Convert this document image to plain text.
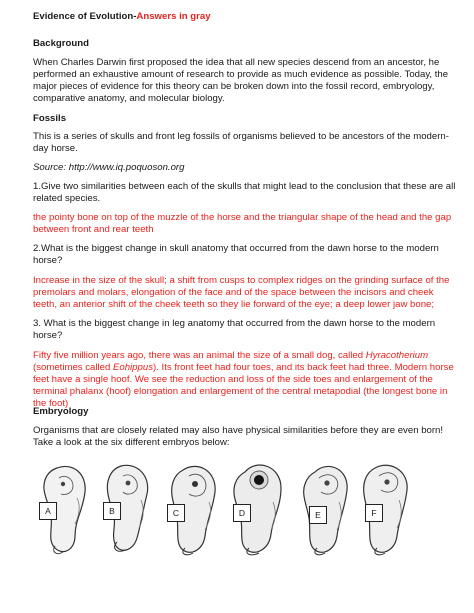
Evidence of Evolution-Answers in gray
Background
When Charles Darwin first proposed the idea that all new species descend from an ancestor, he
performed an exhaustive amount of research to provide as much evidence as possible. Today, the
major pieces of evidence for this theory can be broken down into the fossil record, embryology,
comparative anatomy, and molecular biology.
Fossils
This is a series of skulls and front leg fossils of organisms believed to be ancestors of the modern-
day horse.
Source: http://www.iq.poquoson.org
1.Give two similarities between each of the skulls that might lead to the conclusion that these are all
related species.
the pointy bone on top of the muzzle of the horse and the triangular shape of the head and the gap
between front and rear teeth
2.What is the biggest change in skull anatomy that occurred from the dawn horse to the modern
horse?
Increase in the size of the skull; a shift from cusps to complex ridges on the grinding surface of the
premolars and molars, elongation of the face and of the space between the incisors and cheek
teeth, an anterior shift of the cheek teeth so they lie forward of the eye; a deep lower jaw bone;
3. What is the biggest change in leg anatomy that occurred from the dawn horse to the modern
horse?
Fifty five million years ago, there was an animal the size of a small dog, called Hyracotherium
(sometimes called Eohippus). Its front feet had four toes, and its back feet had three. Modern horse
feet have a single hoof. We see the reduction and loss of the side toes and enlargement of the
terminal phalanx (hoof) elongation and enlargement of the central metapodial (the longest bone in
the foot)
Embryology
Organisms that are closely related may also have physical similarities before they are even born!
Take a look at the six different embryos below:
A	B	C	D	E	F
